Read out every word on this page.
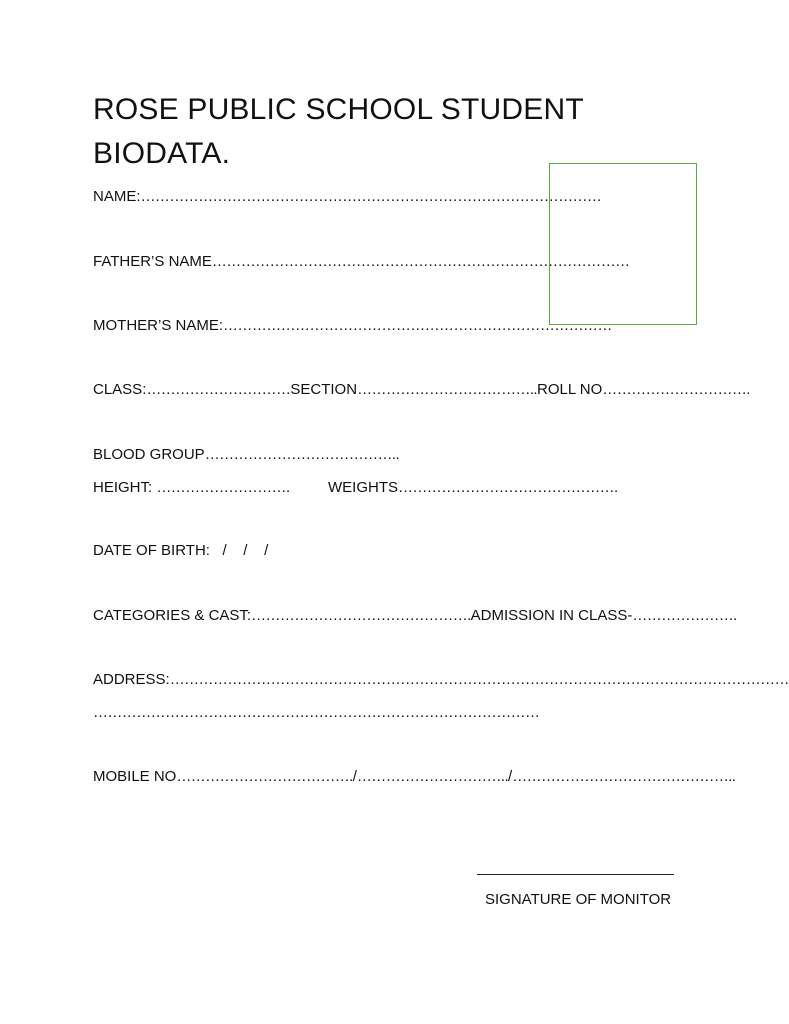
ROSE PUBLIC SCHOOL STUDENT BIODATA.
NAME:……………………………………………………………………………………
FATHER’S NAME……………………………………………………………………………
MOTHER’S NAME:………………………………………………………………………
CLASS:…………………………SECTION………………………………..ROLL NO………………………….
BLOOD GROUP…………………………………..
HEIGHT: ……………………….	WEIGHTS……………………………………….
DATE OF BIRTH: /    /    /
CATEGORIES & CAST:……………………………………….ADMISSION IN CLASS-………………….
ADDRESS:…………………………………………………………………………………………………………………
…………………………………………………………………………………
MOBILE NO………………………………./…………………………../………………………………………..
SIGNATURE OF MONITOR
